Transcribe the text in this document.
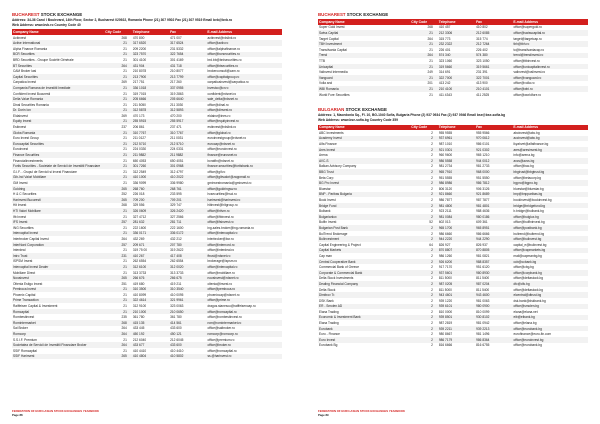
BUCHAREST STOCK EXCHANGE
Address: 34-36 Carol I Boulevard, 14th Floor, Sector 2, Bucharest 020922, Romania Phone (21) 307 9502 Fax (21) 307 9519 Email bvb@bvb.ro
Web Address: www.bvb.ro Country Code 40
Company Name	City Code	Telephone	Fax	E-mail Address
Actinvest	268	470 800	471 007	actinvest@rdslink.ro
Active International	21	317 6520	317 6524	office@activ.ro
Alpha Finance Romania	21	209 2200	231 5332	office@alphafinance.ro
BCR Securities	21	323 7570	322 7654	office@bcrsecurities.ro
BRD Securities - Groupe Société Générale	21	301 4100	301 4169	brd.bb@brdsecurities.ro
BT Securities	264	431 904	431 718	office@btsecurities.ro
CAM Broker Iasi	21	210 8078	210 8077	brokerconsult@cam.ro
Capital Securities	21	213 7900	213 7799	office@capitalgroup.ro
Carpatica Invest	269	217 751	217 260	carpaticainvest@carpatica.ro
Compania Romana de Investitii Imediate	21	336 1018	337 0955	investcc@cr.ro
Confident Invest Bucuresti	21	319 7015	319 2863	confident@rdsnet.ro
Delta Value Romania	21	205 6666	205 6640	sale_delta@rdsnet.ro
Dinal Securities Romania	21	211 5050	211 3030	office@dinal.ro
Dr. Dorin Ion	21	312 5878	312 5893	office@dinvest.ro
Eldainvest	269	470 173	470 200	eldainv@ines.ro
Equity Invest	21	255 5915	255 5917	office@equityinvest.ro
Estinvest	237	206 861	237 471	estinvest@rdslink.ro
Globa Romania	21	310 7767	310 7767	office@global.ro
Euro Invest Group	21	211 0127	211 0031	euroinvestgroup@rdsnet.ro
Eurocapital Securities	21	212 5710	212 5710	eurocap@rdsnet.ro
Euroinvest	21	224 0330	224 0331	office@euroinvest.ro
Finance Securities	21	211 9882	211 9882	finance@eurosnet.ro
Financialinvestments	21	650 4053	650 4051	bcratfin@rdsnet.ro
Fortis Securities - Societate de Servicii de Investitii Financiare	21	301 7260	301 0968	finance.securities@fortisbank.ro
G.I.F. - Grupul de Servicii si Invest Financiare	21	312 2549	312 4797	office@gif.ro
Gib-Ind Valori Mobiliare	21	410 1000	410 2022	office@gibvalori@zappmail.ro
GM Invest	21	336 9099	336 9980	gminvestromania@gminvest.ro
Goldring	265	268 760	268 761	office@goldringwv.ro
H & C Securities	252	226 018	233 595	hcsecurities@hsci.ro
Harinvest Bucuresti	265	709 200	709 201	harinvest@harinvest.ro
Hit Invest	268	329 556	329 747	hitinvest@hitgroup.ro
HTI Valori Mobiliare	21	326 0609	326 2420	office@htivm.ro
Ifb Invest	21	327 4712	327 2566	office@ifbinvest.ro
IFS Invest	257	281 632	281 711	office@ifsinvest.ro
ING Securities	21	222 1600	222 1600	ing-sales.broker@ing-romania.ro
Intercapital Invest	21	336 0171	336 0172	office@intercapital.ro
Interbroker Capital Invest	264	432 269	432 212	interbroker@bcr.ro
InterNord Corporation	257	209 671	207 780	office@internord.ro
Interdeal	21	319 75 00	319 2622	office@interdeal.ro
Intro Trust	231	410 267	417 408	ftrust@rdsnet.ro
ISPSM Invest	21	262 6554	262 6554	brokerage@ispsm.ro
Intercapital Invest Dealer	21	312 6100	312 0020	office@intercapital.ro
Mobiliare Direct	21	313 3733	313 3733	office@mobiliare.ro
Novainvest	265	266 676	266 675	novainvest@rdsnet.ro
Oltenia Estigo Invest	251	419 680	419 211	oltenia@invest.ro
Pemboca Invest	21	310 3500	310 3540	office@pemboca.ro
Phoenix Capital	21	410 8099	410 0095	phoenixcap@rdsnet.ro
Prime Transaction	21	322 4614	321 9961	office@prime.ro
Raiffeisen Capital & Investment	21	312 9100	323 0063	dragos.stanescu@raiffeisencap.ro
Romcapital	21	210 1000	210 0650	office@romcapital.ro
Rombestinvest	235	361 780	361 780	office@rombestinvest.ro
Romintermarket	268	415 135	414 561	rom@romintermarket.ro
Sai Broker	264	433 445	433 600	office@saibroker.ro
Romcorp	264	450 192	450 121	romcorp@romcorp.ro
S.S.I.F. Premium	21	212 6040	212 6045	office@premium.ro
Societatea de Servicii de Investitii Financiare Broker	264	433 677	433 600	office@broker.ro
SSIF Romcapital	21	410 4410	410 4410	office@romcapital.ro
SSIF Harinvest	265	410 4804	410 5802	ss.@harinvest.ro
BUCHAREST STOCK EXCHANGE
Company Name	City Code	Telephone	Fax	E-mail Address
Super Gold Invest	268	410 457	410 802	office@supergold.ro
Swiss Capital	21	212 3306	212 6085	office@swisscapital.ro
Target Capital	264	315 773	315 774	target@targetcap.ro
TBH Investment	21	232 2322	212 7264	tbh@tbh.ro
Transilvania Capital	21	226 401	226 402	tc@transilvaniacap.ro
Trend	264	574 340	574 380	trend@trendinvest.ro
TTB	21	323 1060	323 1050	office@ttbinvest.ro
Unicapital	21	319 5660	319 5661	office@unicapitalinvest.ro
Valinvest Intermedia	249	314 691	231 391	valinvest@valinvest.ro
Vanguard	21	322 7000	322 7001	office@vanguard.ro
Volla and	201	413 242	413 900	office@volla.ro
WBI Romania	21	210 4100	210 4101	office@wbi.ro
World Fore Securities	21	411 4343	411 2525	office@worldfore.ro
BULGARIAN STOCK EXCHANGE
Address: 1, Macedonia Sq., Fl. 10, BG-1040 Sofia, Bulgaria Phone (2) 937 0934 Fax (2) 937 0946 Email bse@bse-sofia.bg
Web Address: www.bse-sofia.bg Country Code 359
Company Name	City Code	Telephone	Fax	E-mail Address
ABC Investments	2	955 9555	955 9566	abcinvest@abc.bg
Academy Invest	2	937 6961	970 0612	accinvest@abc.bg
Alfa Finance	2	987 1010	986 0101	lkyahvet@alfafinance.bg
Ares Invest	2	921 0301	921 0302	ares@aresinvest.bg
Arena	2	960 9600	965 1210	info@arena.bg
AVC-S	2	986 5558	944 0012	avcs@avcs.bg
Balkan Advisory Company	2	981 2734	981 2733	office@bac.bg
BBG Trust	2	965 7910	968 0000	bbgtrust@bbgtrust.bg
Beta Corp	2	951 5555	951 5550	office@betacorp.bg
BG Pro Invest	2	986 8986	986 7812	bgpro@bgpro.bg
Bluestar	2	806 3120	906 3126	bluestar@bluestar.bg
BNP - Paribas Bulgaria	2	921 8660	921 8689	bnp@bnpparibas.bg
Book Invest	2	986 7877	987 7877	bookinvest@bookinvest.bg
Bridge Fund	2	981 4800	981 4801	bridge@bridgefund.bg
Bulbank	2	923 2111	988 4636	b.bridge@bulbank.bg
Bulgarianlux	2	981 0084	980 0186	office@bulglux.bg
Bulfin Invest	52	602 013	609 361	office@bulfininvest.bg
Bulgarian Post Bank	2	965 1700	965 8951	office@postbank.bg
BulTrend Brokerage	2	986 6660	986 6666	bultrend@bultrend.bg
BulInvestment	2	944 2220	944 2290	office@bulinvest.bg
Capital Engineering & Project	64	826 927	826 937	capital_e@bulinvest.bg
Capital Markets	2	870 8807	870 8805	office@capmarkets.bg
Cap man	2	986 1260	981 0821	mail@capmanbg.bg
Central Cooperative Bank	2	926 6200	988 8357	ccb@ccbank.bg
Commercial Bank of Greece	2	917 7170	951 6120	office@cbg.bg
Corporate & Commercial Bank	2	937 5601	980 8930	office@corpbank.bg
Delta Stock Investments	2	811 5000	811 5400	office@deltastock.bg
Dealing Financial Company	2	987 0205	987 0204	dfc@dfc.bg
Delta Stock	2	811 5000	811 5400	office@deltastock.bg
Dimitrov Tr.	2	943 4601	943 4600	elcentral@dtrust.bg
DSK Bank	2	939 1220	981 0063	dsk.bank@dskbank.bg
ER - Smolen AD	2	939 6101	980 0900	office@smolen.bg
Elana Trading	2	810 0000	810 0099	elana@elana.net
Economic & Investment Bank	2	939 8501	930 8102	eib@eibank.bg
Elana Trading	2	987 2819	981 0942	office@elana.bg
Eurobank	2	939 2211	939 2213	office@eurobank.bg
Euro - Finance	2	980 8667	981 1496	eurofinance@euro-fin.com
Euro Invest	2	986 7179	986 8364	office@euroinvest.bg
Eurobank Bg	2	816 6666	816 6755	office@eurobank.bg
FEDERATION OF EURO-ASIAN STOCK EXCHANGES YEARBOOK
Page 88
FEDERATION OF EURO-ASIAN STOCK EXCHANGES YEARBOOK
Page 89
